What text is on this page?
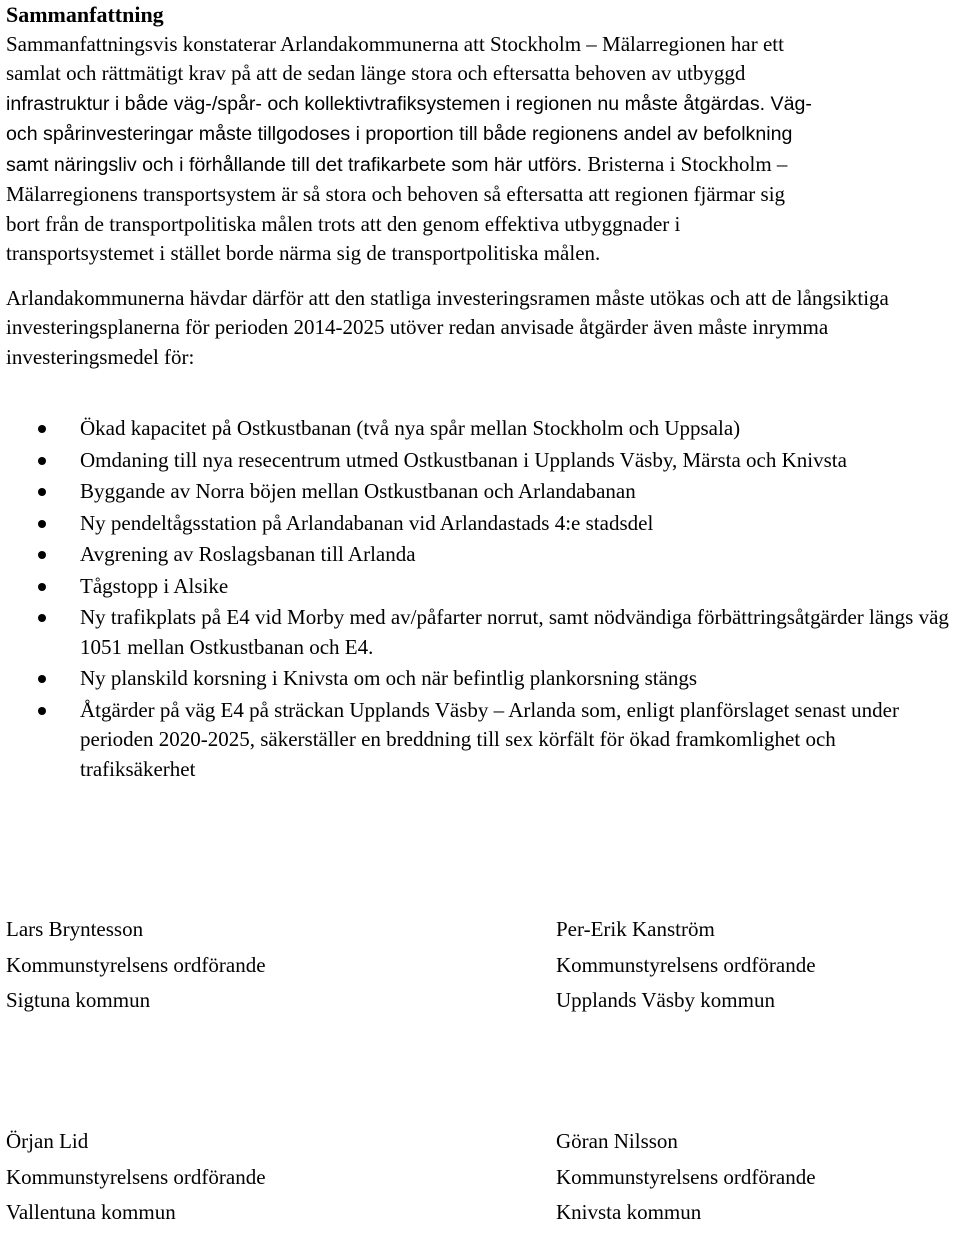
Sammanfattning

Sammanfattningsvis konstaterar Arlandakommunerna att Stockholm – Mälarregionen har ett
samlat och rättmätigt krav på att de sedan länge stora och eftersatta behoven av utbyggd
infrastruktur i både väg-/spår- och kollektivtrafiksystemen i regionen nu måste åtgärdas. Väg-
och spårinvesteringar måste tillgodoses i proportion till både regionens andel av befolkning
samt näringsliv och i förhållande till det trafikarbete som här utförs. Bristerna i Stockholm –
Mälarregionens transportsystem är så stora och behoven så eftersatta att regionen fjärmar sig
bort från de transportpolitiska målen trots att den genom effektiva utbyggnader i
transportsystemet i stället borde närma sig de transportpolitiska målen.

Arlandakommunerna hävdar därför att den statliga investeringsramen måste utökas och att de långsiktiga investeringsplanerna för perioden 2014-2025 utöver redan anvisade åtgärder även måste inrymma investeringsmedel för:

Ökad kapacitet på Ostkustbanan (två nya spår mellan Stockholm och Uppsala)
Omdaning till nya resecentrum utmed Ostkustbanan i Upplands Väsby, Märsta och Knivsta
Byggande av Norra böjen mellan Ostkustbanan och Arlandabanan
Ny pendeltågsstation på Arlandabanan vid Arlandastads 4:e stadsdel
Avgrening av Roslagsbanan till Arlanda
Tågstopp i Alsike
Ny trafikplats på E4 vid Morby med av/påfarter norrut, samt nödvändiga förbättringsåtgärder längs väg 1051 mellan Ostkustbanan och E4.
Ny planskild korsning i Knivsta om och när befintlig plankorsning stängs
Åtgärder på väg E4 på sträckan Upplands Väsby – Arlanda som, enligt planförslaget senast under perioden 2020-2025, säkerställer en breddning till sex körfält för ökad framkomlighet och trafiksäkerhet
Lars Bryntesson
Kommunstyrelsens ordförande
Sigtuna kommun
Per-Erik Kanström
Kommunstyrelsens ordförande
Upplands Väsby kommun
Örjan Lid
Kommunstyrelsens ordförande
Vallentuna kommun
Göran Nilsson
Kommunstyrelsens ordförande
Knivsta kommun
